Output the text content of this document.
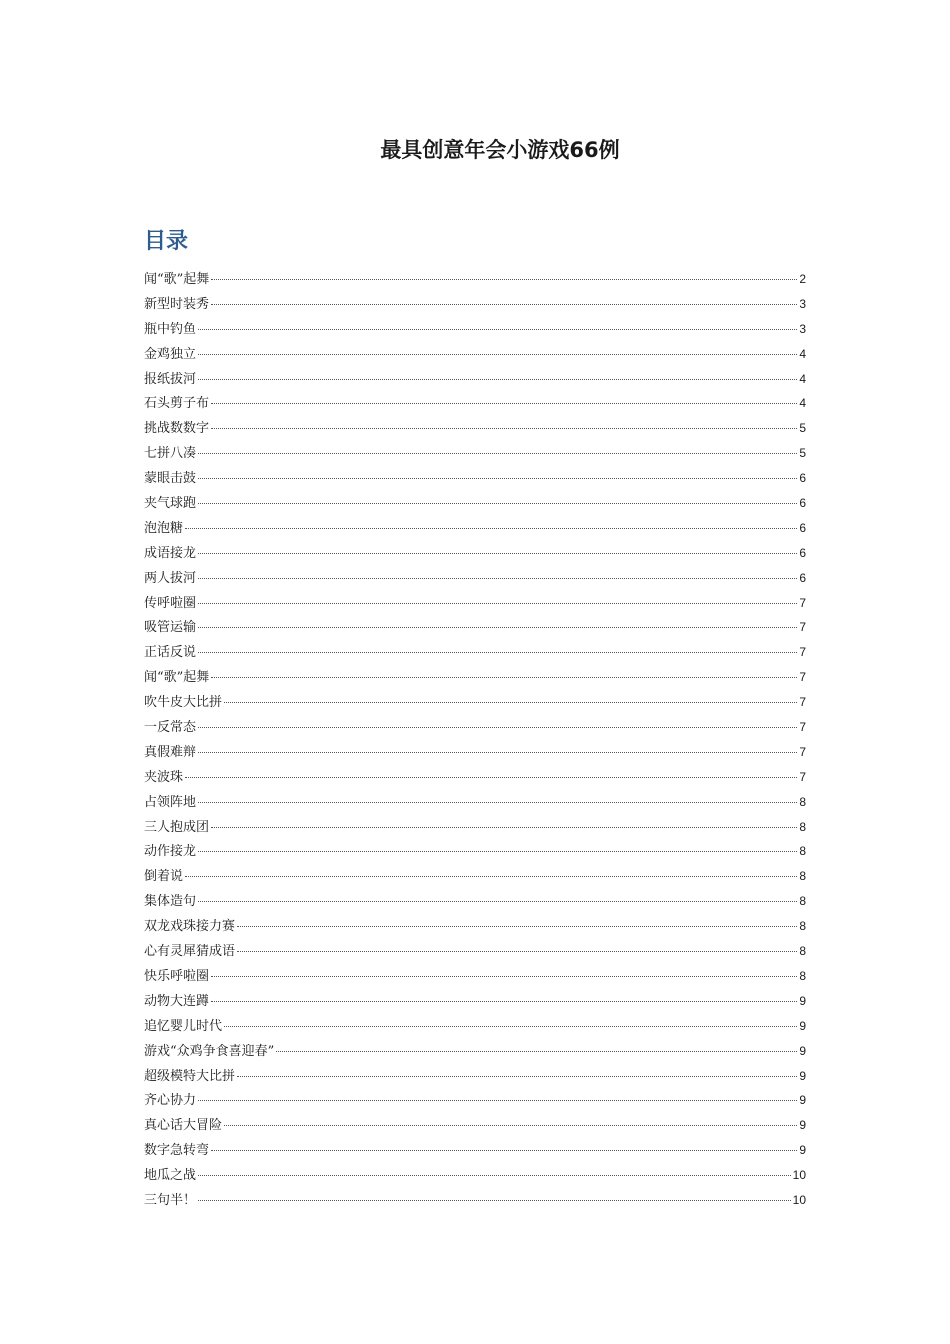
最具创意年会小游戏66例
目录
闻“歌”起舞	2
新型时装秀	3
瓶中钓鱼	3
金鸡独立	4
报纸拔河	4
石头剪子布	4
挑战数数字	5
七拼八凑	5
蒙眼击鼓	6
夹气球跑	6
泡泡糖	6
成语接龙	6
两人拔河	6
传呼啦圈	7
吸管运输	7
正话反说	7
闻“歌”起舞	7
吹牛皮大比拼	7
一反常态	7
真假难辩	7
夹波珠	7
占领阵地	8
三人抱成团	8
动作接龙	8
倒着说	8
集体造句	8
双龙戏珠接力赛	8
心有灵犀猜成语	8
快乐呼啦圈	8
动物大连蹲	9
追忆婴儿时代	9
游戏“众鸡争食喜迎春”	9
超级模特大比拼	9
齐心协力	9
真心话大冒险	9
数字急转弯	9
地瓜之战	10
三句半！	10
